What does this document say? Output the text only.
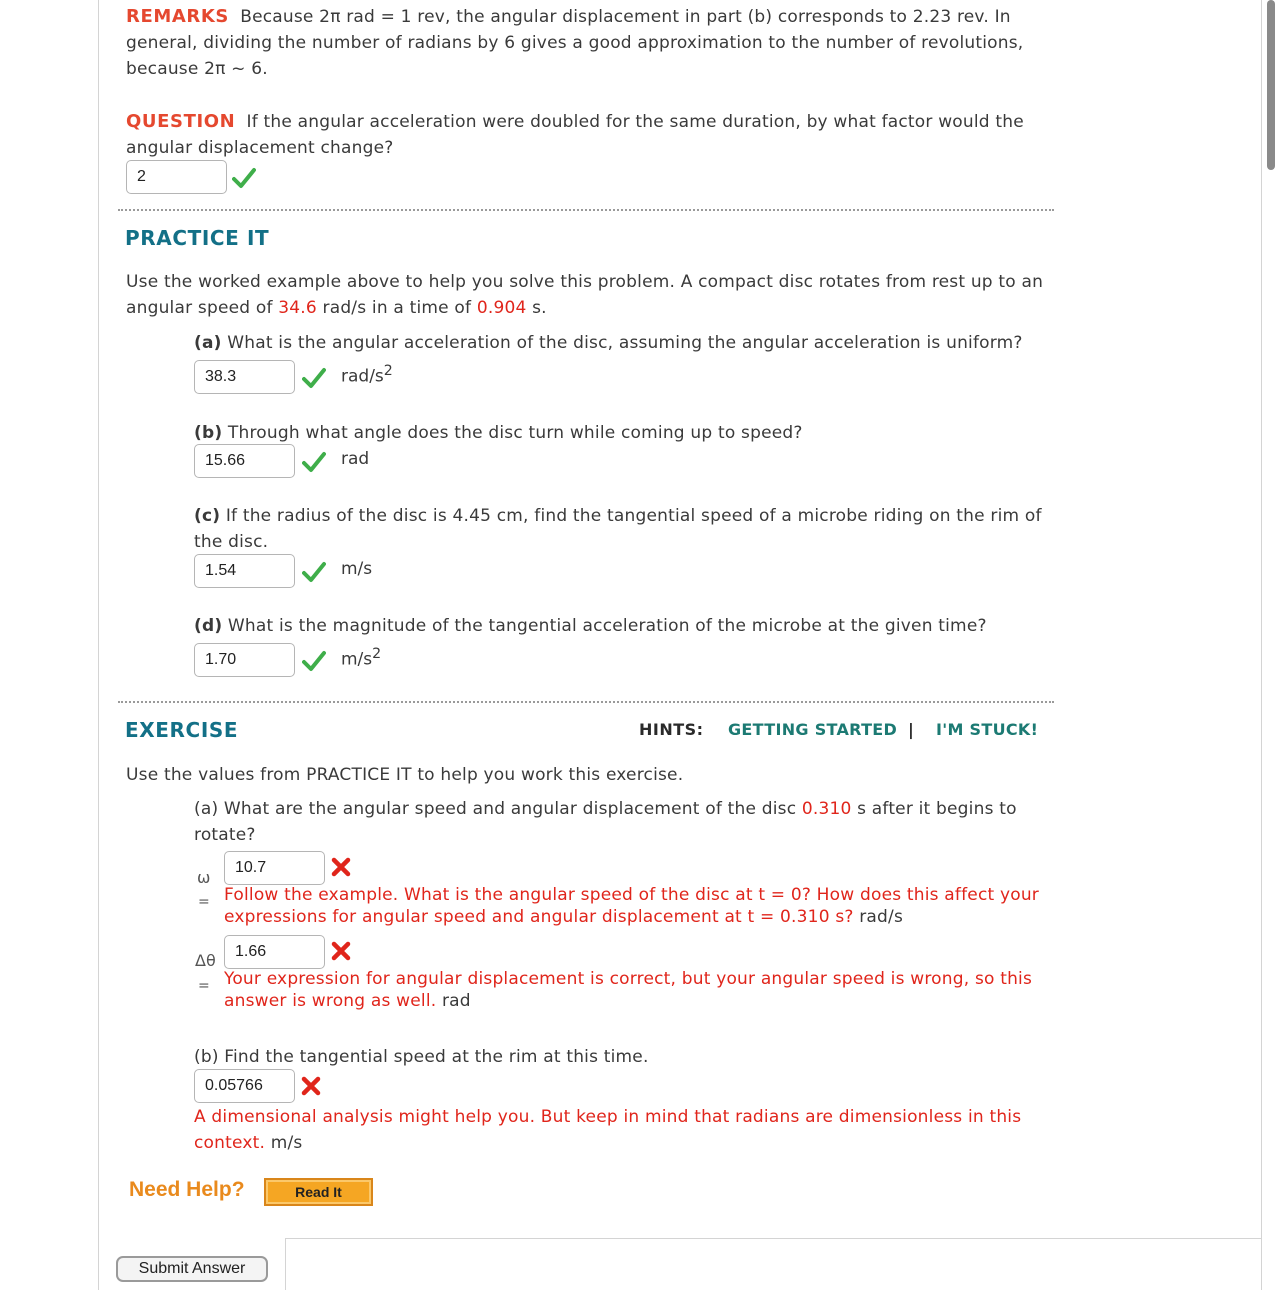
REMARKS Because 2π rad = 1 rev, the angular displacement in part (b) corresponds to 2.23 rev. In
general, dividing the number of radians by 6 gives a good approximation to the number of revolutions,
because 2π ~ 6.
QUESTION If the angular acceleration were doubled for the same duration, by what factor would the
angular displacement change?
2
PRACTICE IT
Use the worked example above to help you solve this problem. A compact disc rotates from rest up to an
angular speed of 34.6 rad/s in a time of 0.904 s.
(a) What is the angular acceleration of the disc, assuming the angular acceleration is uniform?
38.3	rad/$s^2$
(b) Through what angle does the disc turn while coming up to speed?
15.66	rad
(c) If the radius of the disc is 4.45 cm, find the tangential speed of a microbe riding on the rim of
the disc.
1.54	m/s
(d) What is the magnitude of the tangential acceleration of the microbe at the given time?
1.70	$m/s^2$
EXERCISE	HINTS: GETTING STARTED | I'M STUCK!
Use the values from PRACTICE IT to help you work this exercise.
(a) What are the angular speed and angular displacement of the disc 0.310 s after it begins to
rotate?
ω
=
10.7
Follow the example. What is the angular speed of the disc at t = 0? How does this affect your
expressions for angular speed and angular displacement at t = 0.310 s? rad/s
Δθ
=
1.66
Your expression for angular displacement is correct, but your angular speed is wrong, so this
answer is wrong as well. rad
(b) Find the tangential speed at the rim at this time.
0.05766
A dimensional analysis might help you. But keep in mind that radians are dimensionless in this
context. m/s
Need Help?	Read It
Submit Answer
